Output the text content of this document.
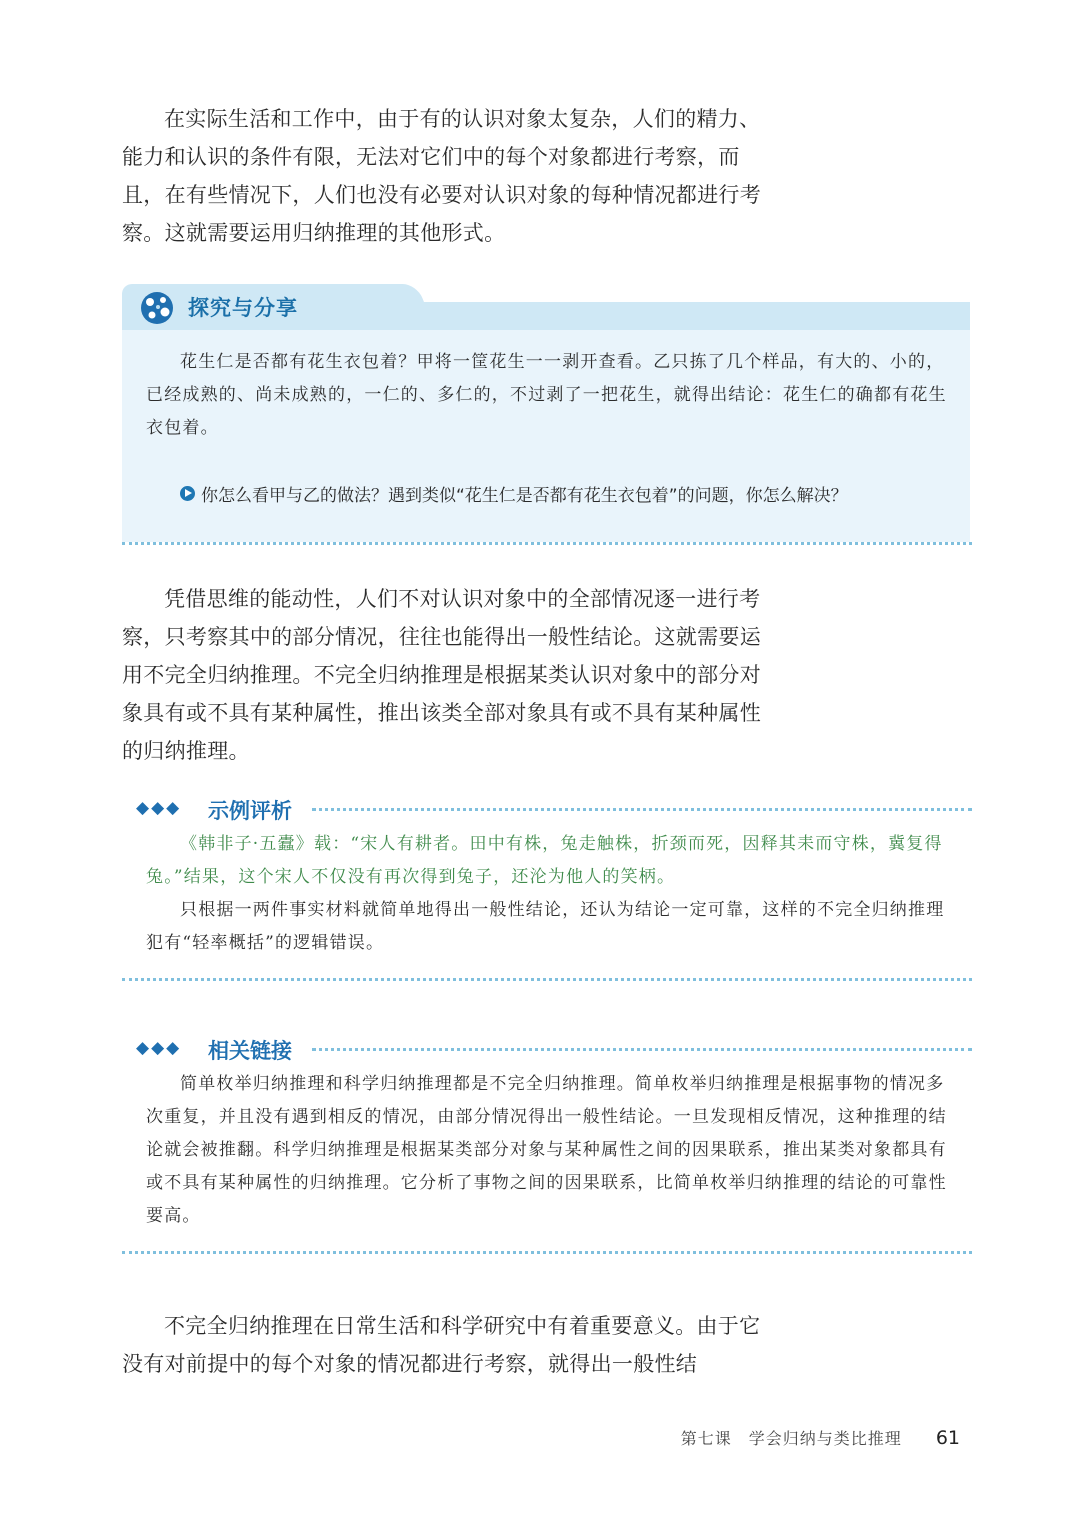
在实际生活和工作中，由于有的认识对象太复杂，人们的精力、能力和认识的条件有限，无法对它们中的每个对象都进行考察，而且，在有些情况下，人们也没有必要对认识对象的每种情况都进行考察。这就需要运用归纳推理的其他形式。

探究与分享

花生仁是否都有花生衣包着？甲将一筐花生一一剥开查看。乙只拣了几个样品，有大的、小的，已经成熟的、尚未成熟的，一仁的、多仁的，不过剥了一把花生，就得出结论：花生仁的确都有花生衣包着。

你怎么看甲与乙的做法？遇到类似“花生仁是否都有花生衣包着”的问题，你怎么解决？

凭借思维的能动性，人们不对认识对象中的全部情况逐一进行考察，只考察其中的部分情况，往往也能得出一般性结论。这就需要运用不完全归纳推理。不完全归纳推理是根据某类认识对象中的部分对象具有或不具有某种属性，推出该类全部对象具有或不具有某种属性的归纳推理。

◆◆◆ 示例评析

《韩非子·五蠹》载：“宋人有耕者。田中有株，兔走触株，折颈而死，因释其耒而守株，冀复得兔。”结果，这个宋人不仅没有再次得到兔子，还沦为他人的笑柄。

只根据一两件事实材料就简单地得出一般性结论，还认为结论一定可靠，这样的不完全归纳推理犯有“轻率概括”的逻辑错误。

◆◆◆ 相关链接

简单枚举归纳推理和科学归纳推理都是不完全归纳推理。简单枚举归纳推理是根据事物的情况多次重复，并且没有遇到相反的情况，由部分情况得出一般性结论。一旦发现相反情况，这种推理的结论就会被推翻。科学归纳推理是根据某类部分对象与某种属性之间的因果联系，推出某类对象都具有或不具有某种属性的归纳推理。它分析了事物之间的因果联系，比简单枚举归纳推理的结论的可靠性要高。

不完全归纳推理在日常生活和科学研究中有着重要意义。由于它没有对前提中的每个对象的情况都进行考察，就得出一般性结

第七课　学会归纳与类比推理 61
